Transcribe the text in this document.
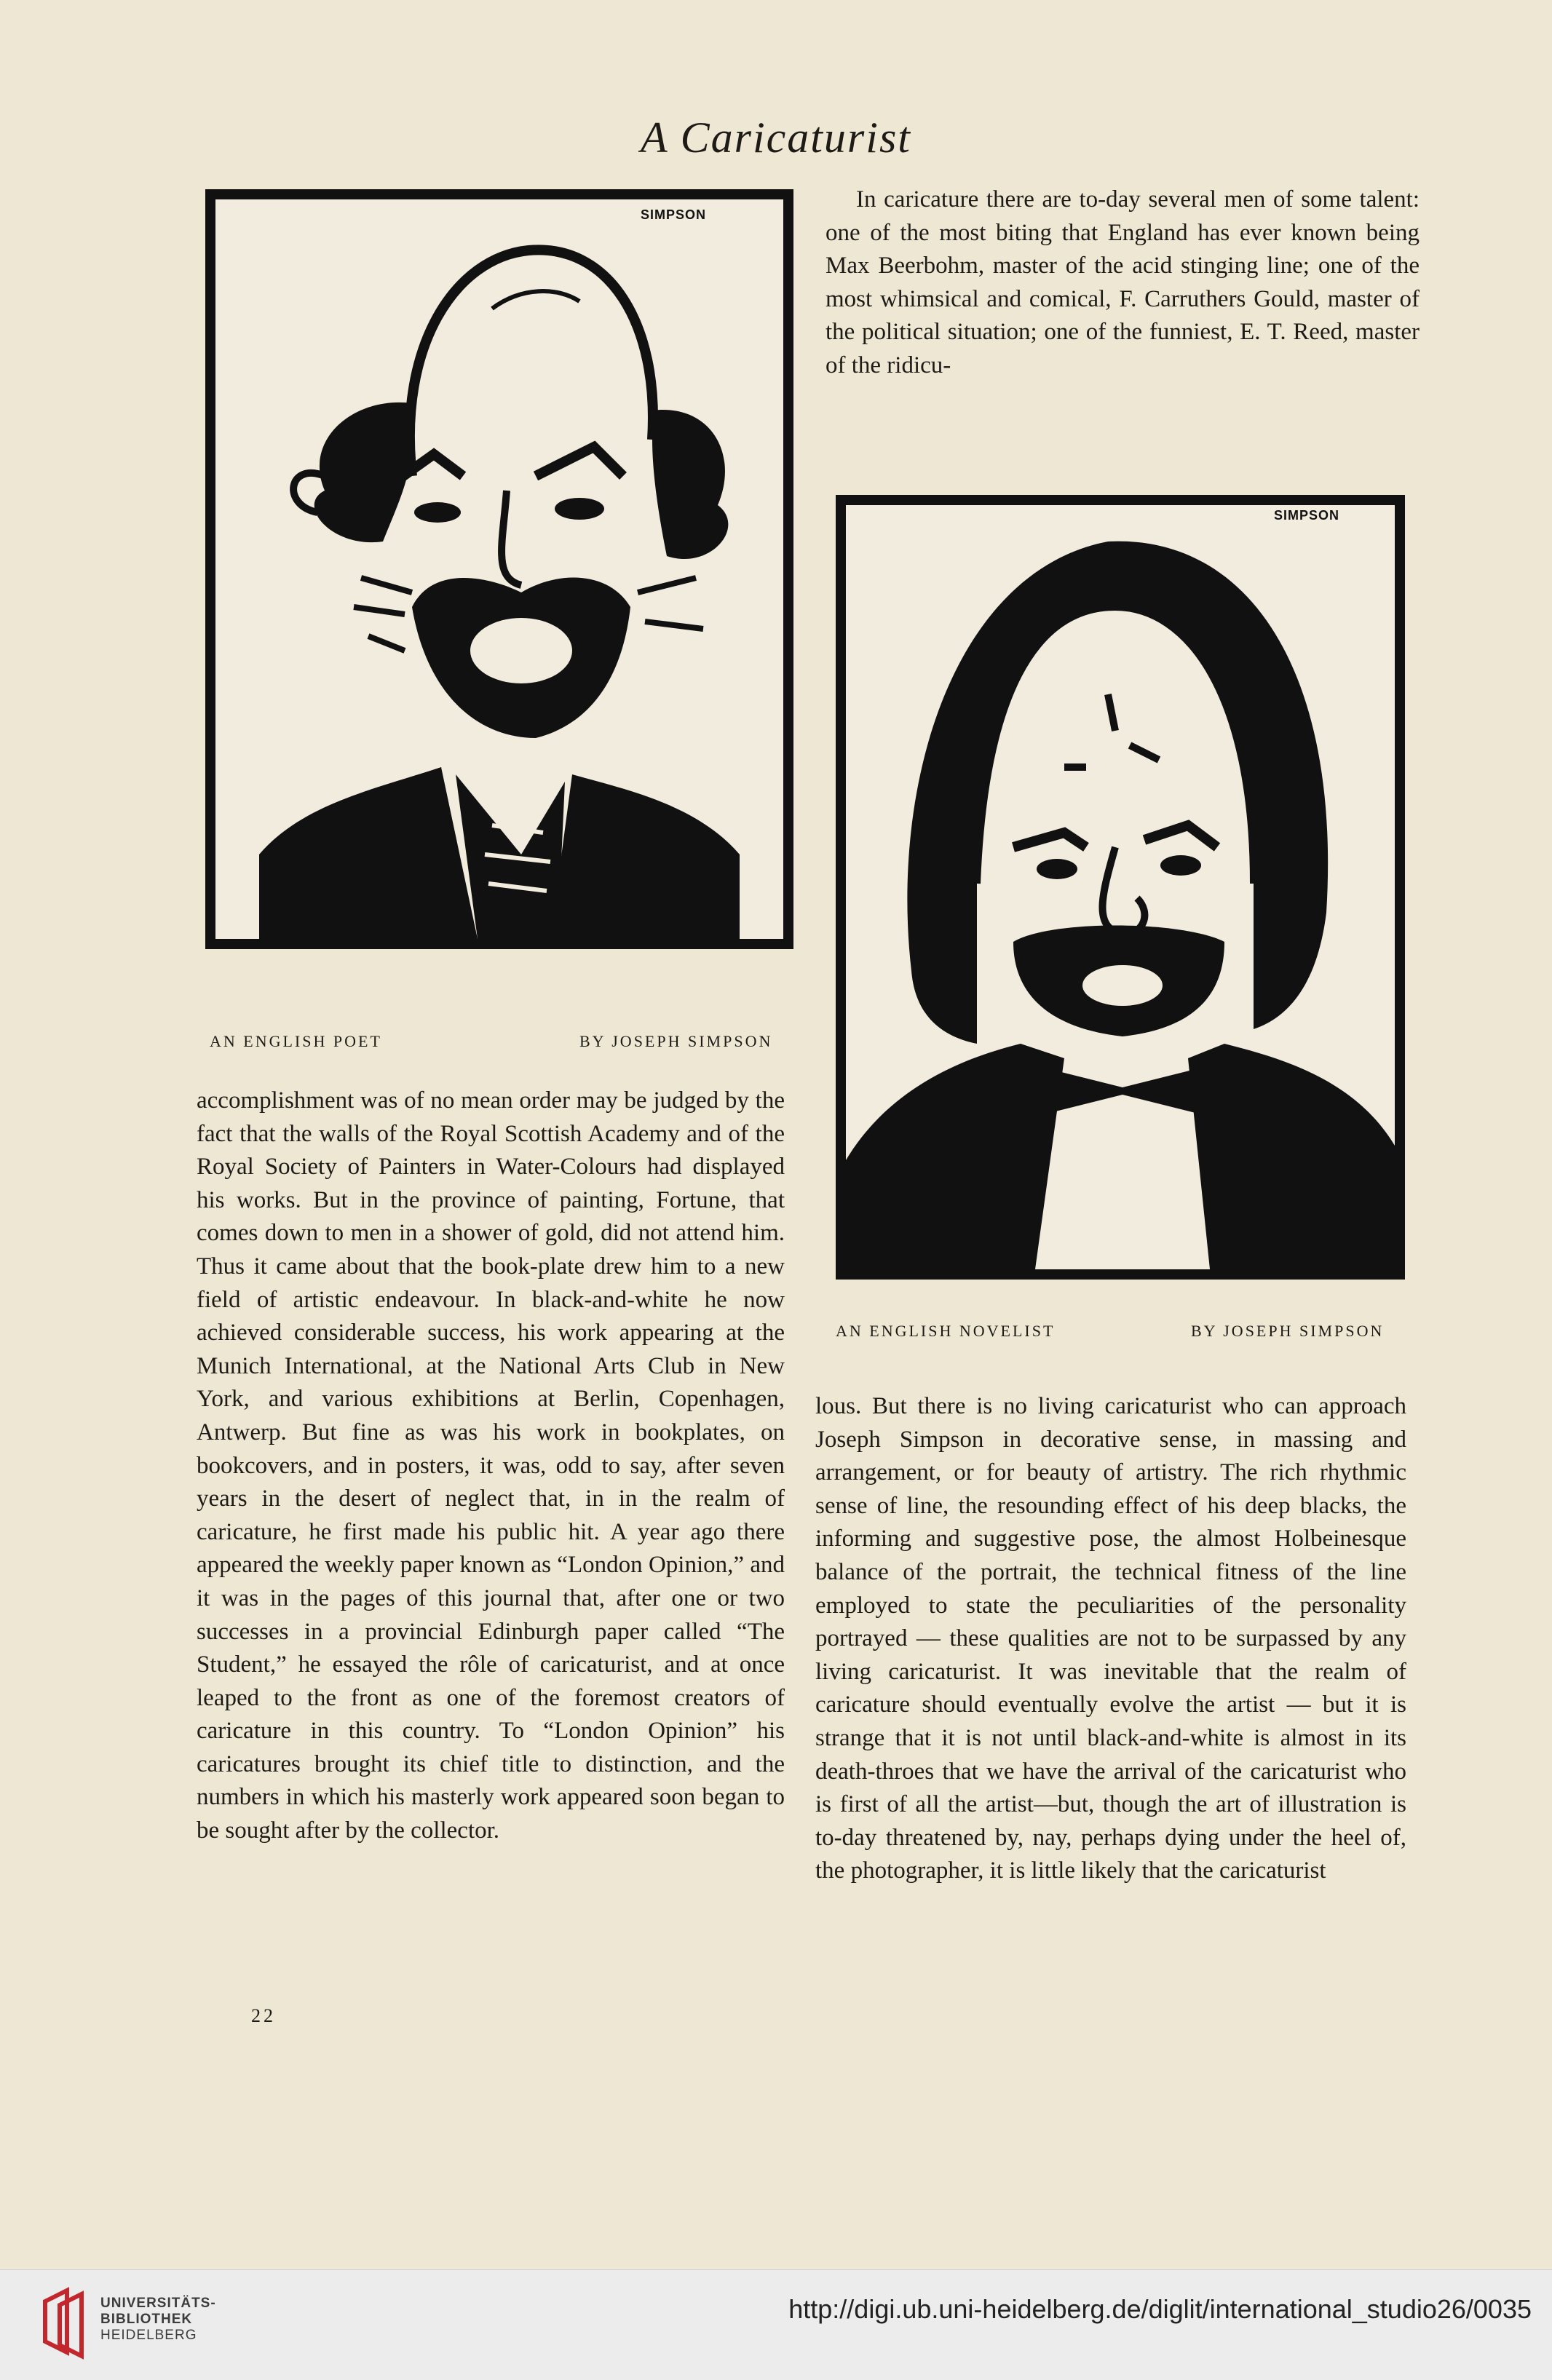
A Caricaturist
SIMPSON
AN ENGLISH POET	BY JOSEPH SIMPSON

In caricature there are to-day several men of some talent: one of the most biting that England has ever known being Max Beerbohm, master of the acid stinging line; one of the most whimsical and comical, F. Carruthers Gould, master of the political situation; one of the funniest, E. T. Reed, master of the ridicu-

SIMPSON
AN ENGLISH NOVELIST	BY JOSEPH SIMPSON

accomplishment was of no mean order may be judged by the fact that the walls of the Royal Scottish Academy and of the Royal Society of Painters in Water-Colours had displayed his works. But in the province of painting, Fortune, that comes down to men in a shower of gold, did not attend him. Thus it came about that the book-plate drew him to a new field of artistic endeavour. In black-and-white he now achieved considerable success, his work appearing at the Munich International, at the National Arts Club in New York, and various exhibitions at Berlin, Copenhagen, Antwerp. But fine as was his work in bookplates, on bookcovers, and in posters, it was, odd to say, after seven years in the desert of neglect that, in in the realm of caricature, he first made his public hit. A year ago there appeared the weekly paper known as “London Opinion,” and it was in the pages of this journal that, after one or two successes in a provincial Edinburgh paper called “The Student,” he essayed the rôle of caricaturist, and at once leaped to the front as one of the foremost creators of caricature in this country. To “London Opinion” his caricatures brought its chief title to distinction, and the numbers in which his masterly work appeared soon began to be sought after by the collector.

lous. But there is no living caricaturist who can approach Joseph Simpson in decorative sense, in massing and arrangement, or for beauty of artistry. The rich rhythmic sense of line, the resounding effect of his deep blacks, the informing and suggestive pose, the almost Holbeinesque balance of the portrait, the technical fitness of the line employed to state the peculiarities of the personality portrayed — these qualities are not to be surpassed by any living caricaturist. It was inevitable that the realm of caricature should eventually evolve the artist — but it is strange that it is not until black-and-white is almost in its death-throes that we have the arrival of the caricaturist who is first of all the artist—but, though the art of illustration is to-day threatened by, nay, perhaps dying under the heel of, the photographer, it is little likely that the caricaturist

22
UNIVERSITÄTS-
BIBLIOTHEK
HEIDELBERG
http://digi.ub.uni-heidelberg.de/diglit/international_studio26/0035
